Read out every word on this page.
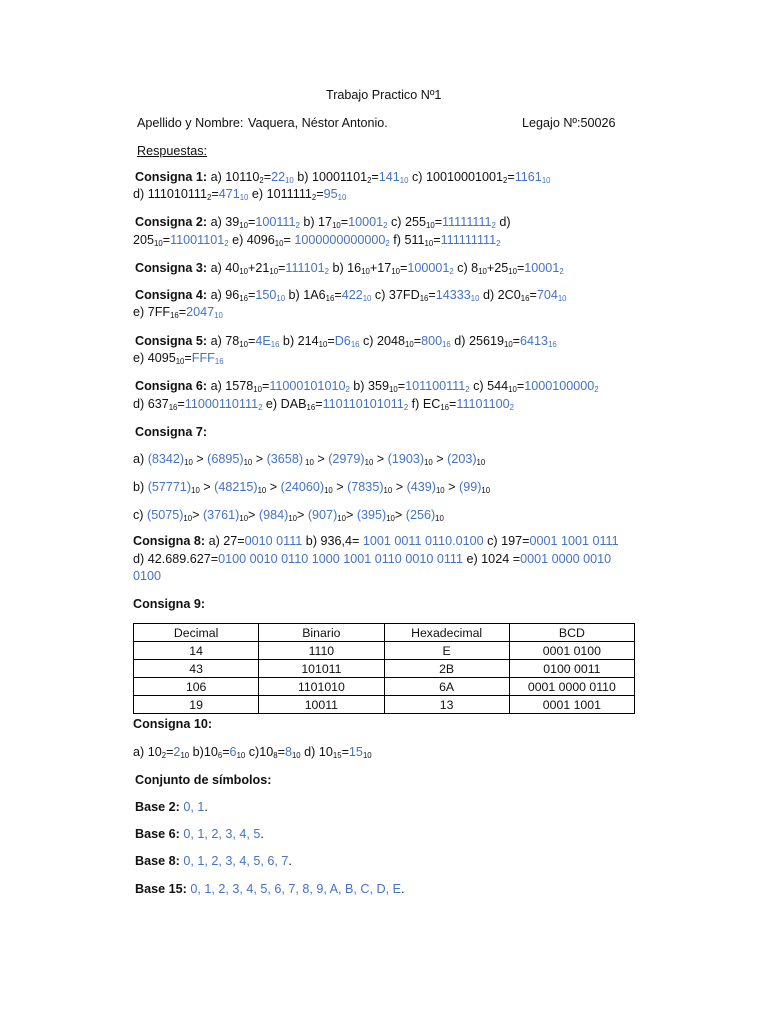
Trabajo Practico Nº1
Apellido y Nombre: Vaquera, Néstor Antonio.	Legajo Nº:50026
Respuestas:
Consigna 1: a) $10110_2=22_{10}$ b) $10001101_2=141_{10}$ c) $10010001001_2=1161_{10}$
d) $111010111_2=471_{10}$ e) $1011111_2=95_{10}$
Consigna 2: a) $39_{10}=100111_2$ b) $17_{10}=10001_2$ c) $255_{10}=11111111_2$ d)
$205_{10}=11001101_2$ e) $4096_{10}= 1000000000000_2$ f) $511_{10}=111111111_2$
Consigna 3: a) $40_{10}+21_{10}=111101_2$ b) $16_{10}+17_{10}=100001_2$ c) $8_{10}+25_{10}=10001_2$
Consigna 4: a) $96_{16}=150_{10}$ b) $1A6_{16}=422_{10}$ c) $37FD_{16}=14333_{10}$ d) $2C0_{16}=704_{10}$
e) $7FF_{16}=2047_{10}$
Consigna 5: a) $78_{10}=4E_{16}$ b) $214_{10}=D6_{16}$ c) $2048_{10}=800_{16}$ d) $25619_{10}=6413_{16}$
e) $4095_{10}=FFF_{16}$
Consigna 6: a) $1578_{10}=11000101010_2$ b) $359_{10}=101100111_2$ c) $544_{10}=1000100000_2$
d) $637_{16}=11000110111_2$ e) $DAB_{16}=110110101011_2$ f) $EC_{16}=11101100_2$
Consigna 7:
a) $(8342)_{10} > (6895)_{10} > (3658) _{10} > (2979)_{10} > (1903)_{10} > (203)_{10}$
b) $(57771)_{10} > (48215)_{10} > (24060)_{10} > (7835)_{10} > (439)_{10} > (99)_{10}$
c) $(5075)_{10}> (3761)_{10}> (984)_{10}> (907)_{10}> (395)_{10}> (256)_{10}$
Consigna 8: a) 27=0010 0111 b) 936,4= 1001 0011 0110.0100 c) 197=0001 1001 0111
d) 42.689.627=0100 0010 0110 1000 1001 0110 0010 0111 e) 1024 =0001 0000 0010
0100
Consigna 9:
Decimal	Binario	Hexadecimal	BCD
14	1110	E	0001 0100
43	101011	2B	0100 0011
106	1101010	6A	0001 0000 0110
19	10011	13	0001 1001
Consigna 10:
a) $10_2=2_{10}$ $b)10_6=6_{10}$ $c)10_8=8_{10}$ d) $10_{15}=15_{10}$
Conjunto de símbolos:
Base 2: 0, 1.
Base 6: 0, 1, 2, 3, 4, 5.
Base 8: 0, 1, 2, 3, 4, 5, 6, 7.
Base 15: 0, 1, 2, 3, 4, 5, 6, 7, 8, 9, A, B, C, D, E.
